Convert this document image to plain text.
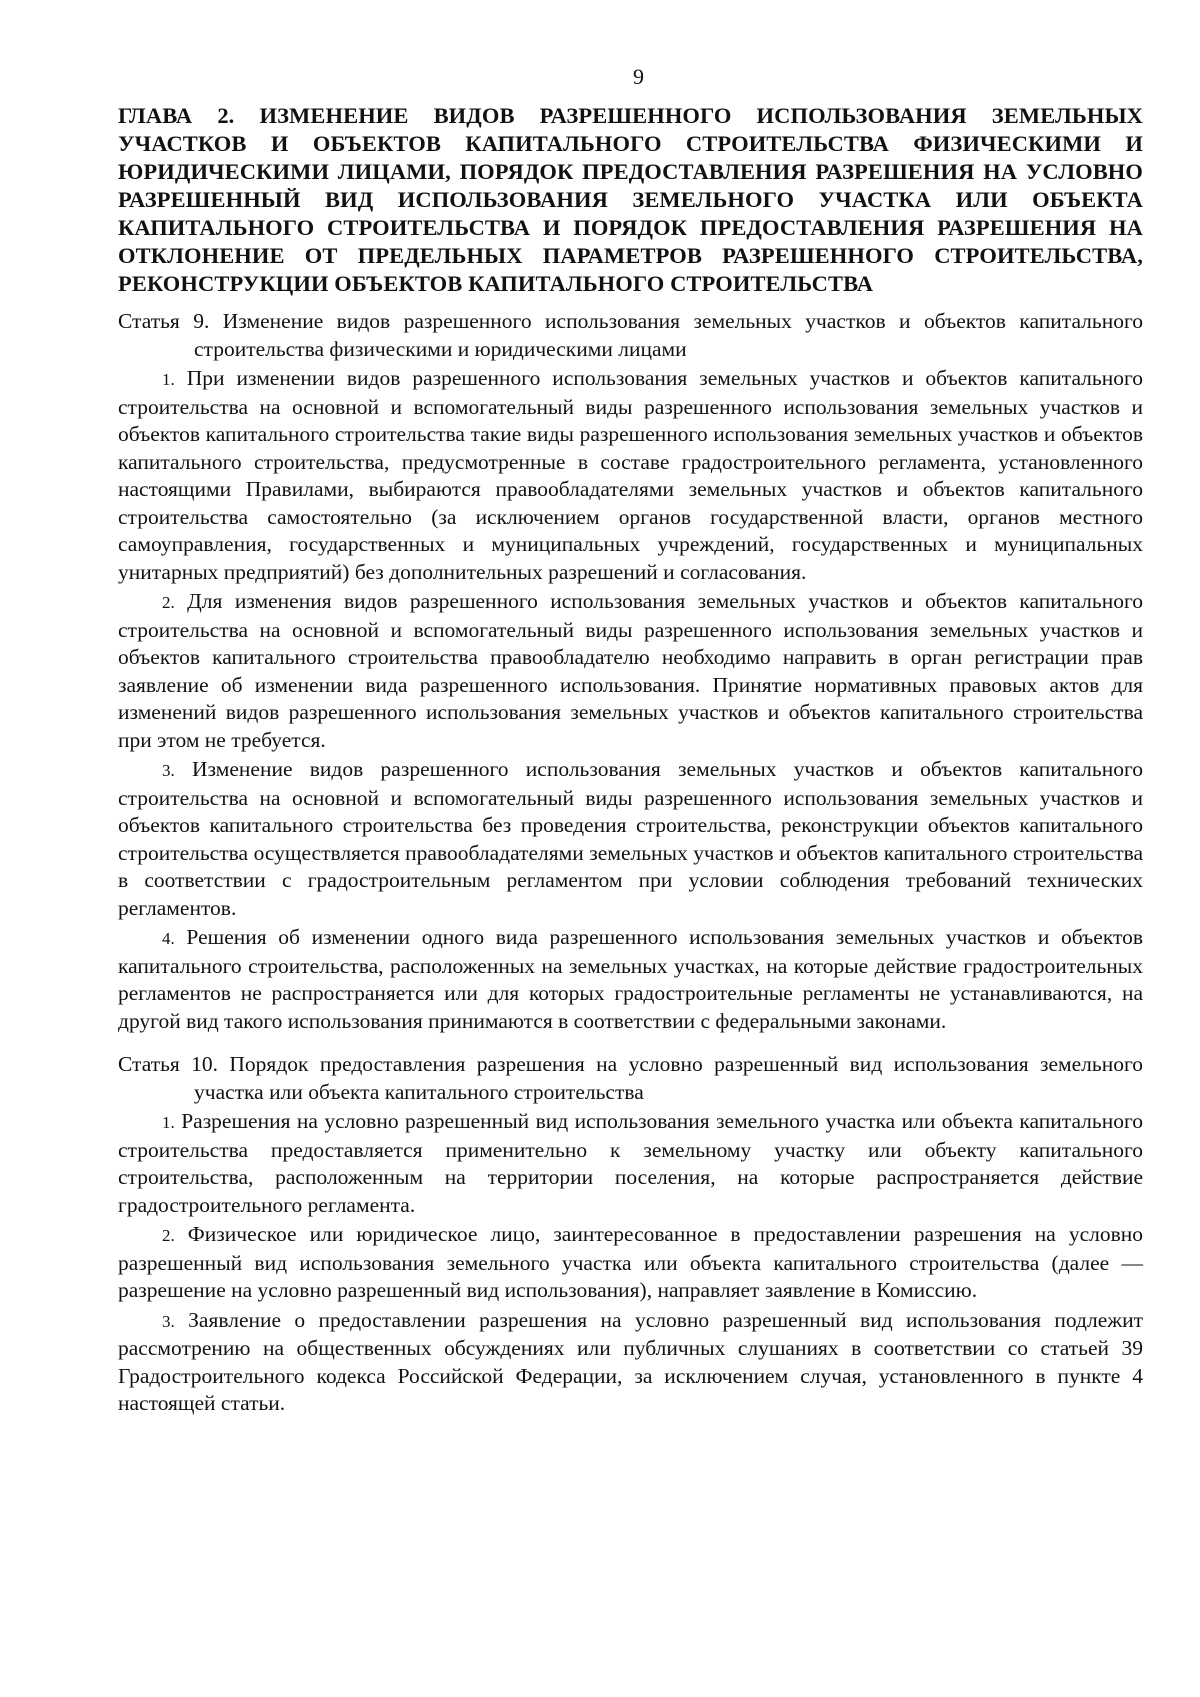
9
ГЛАВА 2. ИЗМЕНЕНИЕ ВИДОВ РАЗРЕШЕННОГО ИСПОЛЬЗОВАНИЯ ЗЕМЕЛЬНЫХ УЧАСТКОВ И ОБЪЕКТОВ КАПИТАЛЬНОГО СТРОИТЕЛЬСТВА ФИЗИЧЕСКИМИ И ЮРИДИЧЕСКИМИ ЛИЦАМИ, ПОРЯДОК ПРЕДОСТАВЛЕНИЯ РАЗРЕШЕНИЯ НА УСЛОВНО РАЗРЕШЕННЫЙ ВИД ИСПОЛЬЗОВАНИЯ ЗЕМЕЛЬНОГО УЧАСТКА ИЛИ ОБЪЕКТА КАПИТАЛЬНОГО СТРОИТЕЛЬСТВА И ПОРЯДОК ПРЕДОСТАВЛЕНИЯ РАЗРЕШЕНИЯ НА ОТКЛОНЕНИЕ ОТ ПРЕДЕЛЬНЫХ ПАРАМЕТРОВ РАЗРЕШЕННОГО СТРОИТЕЛЬСТВА, РЕКОНСТРУКЦИИ ОБЪЕКТОВ КАПИТАЛЬНОГО СТРОИТЕЛЬСТВА
Статья 9. Изменение видов разрешенного использования земельных участков и объектов капитального строительства физическими и юридическими лицами
1. При изменении видов разрешенного использования земельных участков и объектов капитального строительства на основной и вспомогательный виды разрешенного использования земельных участков и объектов капитального строительства такие виды разрешенного использования земельных участков и объектов капитального строительства, предусмотренные в составе градостроительного регламента, установленного настоящими Правилами, выбираются правообладателями земельных участков и объектов капитального строительства самостоятельно (за исключением органов государственной власти, органов местного самоуправления, государственных и муниципальных учреждений, государственных и муниципальных унитарных предприятий) без дополнительных разрешений и согласования.
2. Для изменения видов разрешенного использования земельных участков и объектов капитального строительства на основной и вспомогательный виды разрешенного использования земельных участков и объектов капитального строительства правообладателю необходимо направить в орган регистрации прав заявление об изменении вида разрешенного использования. Принятие нормативных правовых актов для изменений видов разрешенного использования земельных участков и объектов капитального строительства при этом не требуется.
3. Изменение видов разрешенного использования земельных участков и объектов капитального строительства на основной и вспомогательный виды разрешенного использования земельных участков и объектов капитального строительства без проведения строительства, реконструкции объектов капитального строительства осуществляется правообладателями земельных участков и объектов капитального строительства в соответствии с градостроительным регламентом при условии соблюдения требований технических регламентов.
4. Решения об изменении одного вида разрешенного использования земельных участков и объектов капитального строительства, расположенных на земельных участках, на которые действие градостроительных регламентов не распространяется или для которых градостроительные регламенты не устанавливаются, на другой вид такого использования принимаются в соответствии с федеральными законами.
Статья 10. Порядок предоставления разрешения на условно разрешенный вид использования земельного участка или объекта капитального строительства
1. Разрешения на условно разрешенный вид использования земельного участка или объекта капитального строительства предоставляется применительно к земельному участку или объекту капитального строительства, расположенным на территории поселения, на которые распространяется действие градостроительного регламента.
2. Физическое или юридическое лицо, заинтересованное в предоставлении разрешения на условно разрешенный вид использования земельного участка или объекта капитального строительства (далее — разрешение на условно разрешенный вид использования), направляет заявление в Комиссию.
3. Заявление о предоставлении разрешения на условно разрешенный вид использования подлежит рассмотрению на общественных обсуждениях или публичных слушаниях в соответствии со статьей 39 Градостроительного кодекса Российской Федерации, за исключением случая, установленного в пункте 4 настоящей статьи.
